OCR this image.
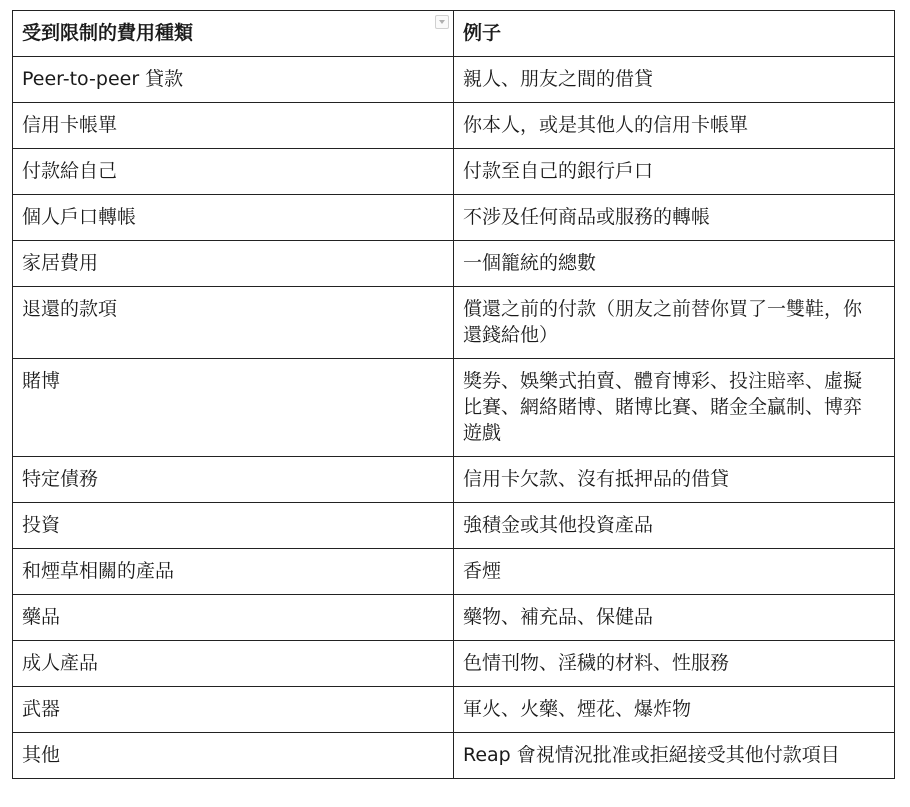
受到限制的費用種類	例子
Peer-to-peer 貸款	親人、朋友之間的借貸
信用卡帳單	你本人，或是其他人的信用卡帳單
付款給自己	付款至自己的銀行戶口
個人戶口轉帳	不涉及任何商品或服務的轉帳
家居費用	一個籠統的總數
退還的款項	償還之前的付款（朋友之前替你買了一雙鞋，你還錢給他）
賭博	獎券、娛樂式拍賣、體育博彩、投注賠率、虛擬比賽、網絡賭博、賭博比賽、賭金全贏制、博弈遊戲
特定債務	信用卡欠款、沒有抵押品的借貸
投資	強積金或其他投資產品
和煙草相關的產品	香煙
藥品	藥物、補充品、保健品
成人產品	色情刊物、淫穢的材料、性服務
武器	軍火、火藥、煙花、爆炸物
其他	Reap 會視情況批准或拒絕接受其他付款項目
